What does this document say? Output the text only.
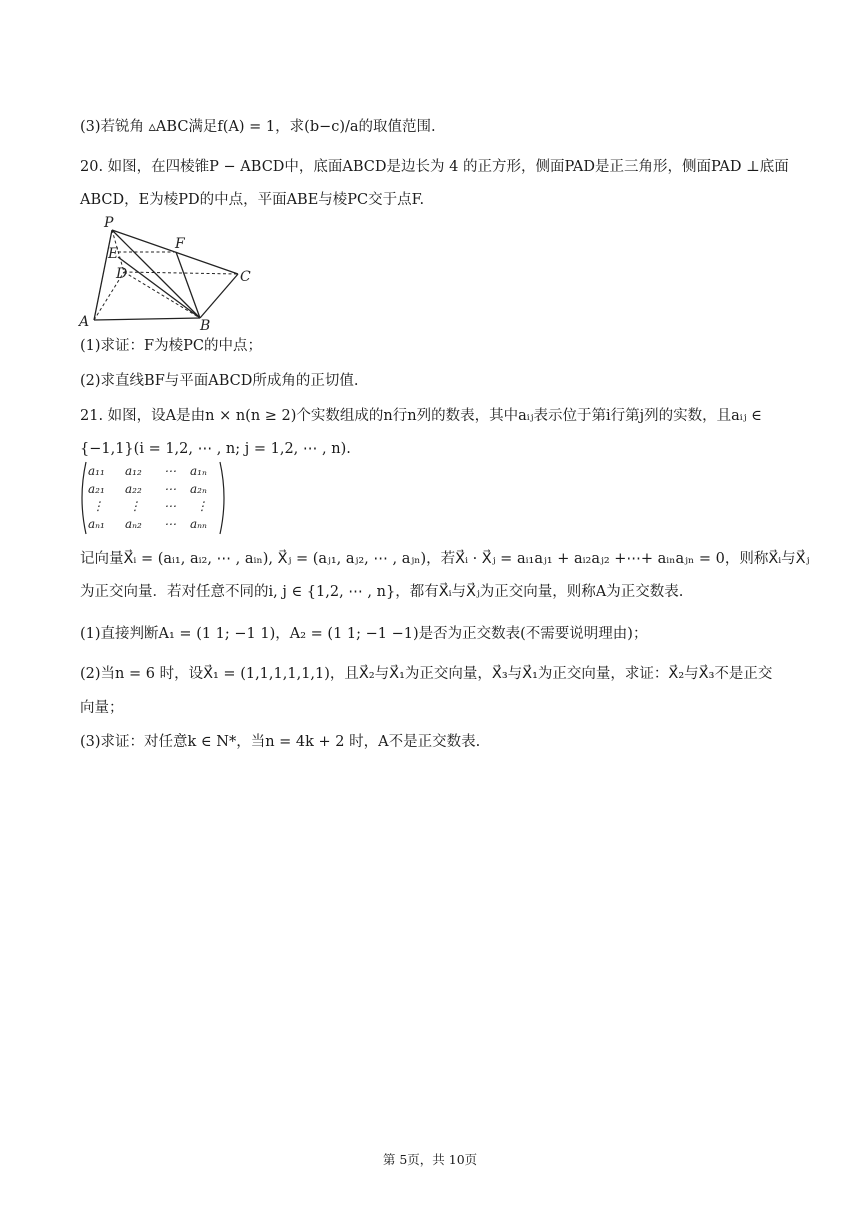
(3)若锐角 ▵ABC满足f(A) = 1，求(b−c)/a的取值范围.
20. 如图，在四棱锥P − ABCD中，底面ABCD是边长为 4 的正方形，侧面PAD是正三角形，侧面PAD ⊥底面
ABCD，E为棱PD的中点，平面ABE与棱PC交于点F.
P
E
D
F
C
A	B
(1)求证：F为棱PC的中点；
(2)求直线BF与平面ABCD所成角的正切值.
21. 如图，设A是由n × n(n ≥ 2)个实数组成的n行n列的数表，其中aᵢⱼ表示位于第i行第j列的实数，且aᵢⱼ ∈
{−1,1}(i = 1,2, ⋯ , n; j = 1,2, ⋯ , n).
a₁₁ a₁₂ ⋯ a₁ₙ
a₂₁ a₂₂ ⋯ a₂ₙ
⋮ ⋮ ⋯ ⋮
aₙ₁ aₙ₂ ⋯ aₙₙ
记向量X⃗ᵢ = (aᵢ₁, aᵢ₂, ⋯ , aᵢₙ), X⃗ⱼ = (aⱼ₁, aⱼ₂, ⋯ , aⱼₙ)，若X⃗ᵢ · X⃗ⱼ = aᵢ₁aⱼ₁ + aᵢ₂aⱼ₂ +⋯+ aᵢₙaⱼₙ = 0，则称X⃗ᵢ与X⃗ⱼ
为正交向量．若对任意不同的i, j ∈ {1,2, ⋯ , n}，都有X⃗ᵢ与X⃗ⱼ为正交向量，则称A为正交数表.
(1)直接判断A₁ = (1 1; −1 1)，A₂ = (1 1; −1 −1)是否为正交数表(不需要说明理由)；
(2)当n = 6 时，设X⃗₁ = (1,1,1,1,1,1)，且X⃗₂与X⃗₁为正交向量，X⃗₃与X⃗₁为正交向量，求证：X⃗₂与X⃗₃不是正交
向量；
(3)求证：对任意k ∈ N*，当n = 4k + 2 时，A不是正交数表.
第 5页，共 10页
